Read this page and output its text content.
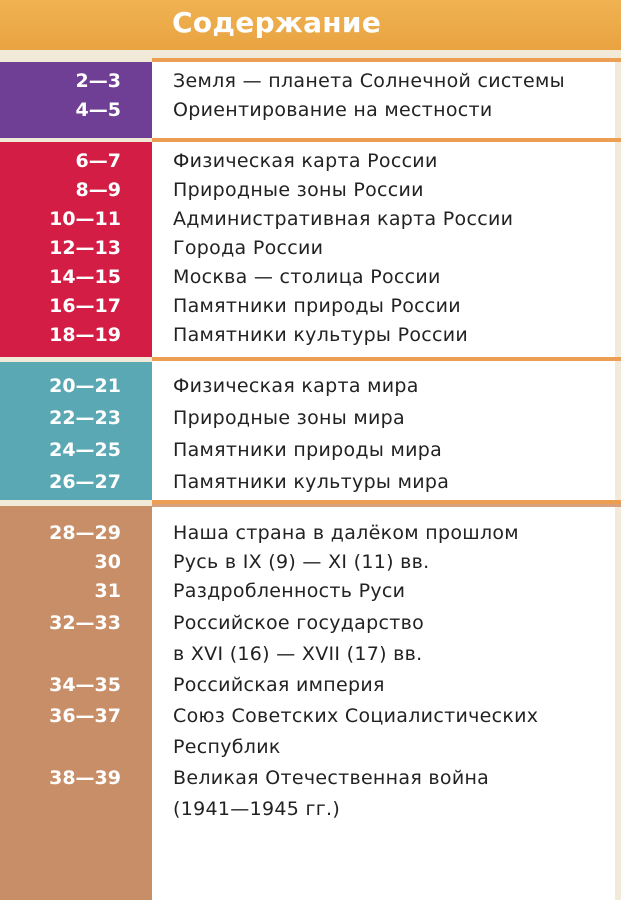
Содержание
2—3	Земля — планета Солнечной системы
4—5	Ориентирование на местности
6—7	Физическая карта России
8—9	Природные зоны России
10—11	Административная карта России
12—13	Города России
14—15	Москва — столица России
16—17	Памятники природы России
18—19	Памятники культуры России
20—21	Физическая карта мира
22—23	Природные зоны мира
24—25	Памятники природы мира
26—27	Памятники культуры мира
28—29	Наша страна в далёком прошлом
30	Русь в IX (9) — XI (11) вв.
31	Раздробленность Руси
32—33	Российское государство
в XVI (16) — XVII (17) вв.
34—35	Российская империя
36—37	Союз Советских Социалистических
Республик
38—39	Великая Отечественная война
(1941—1945 гг.)
